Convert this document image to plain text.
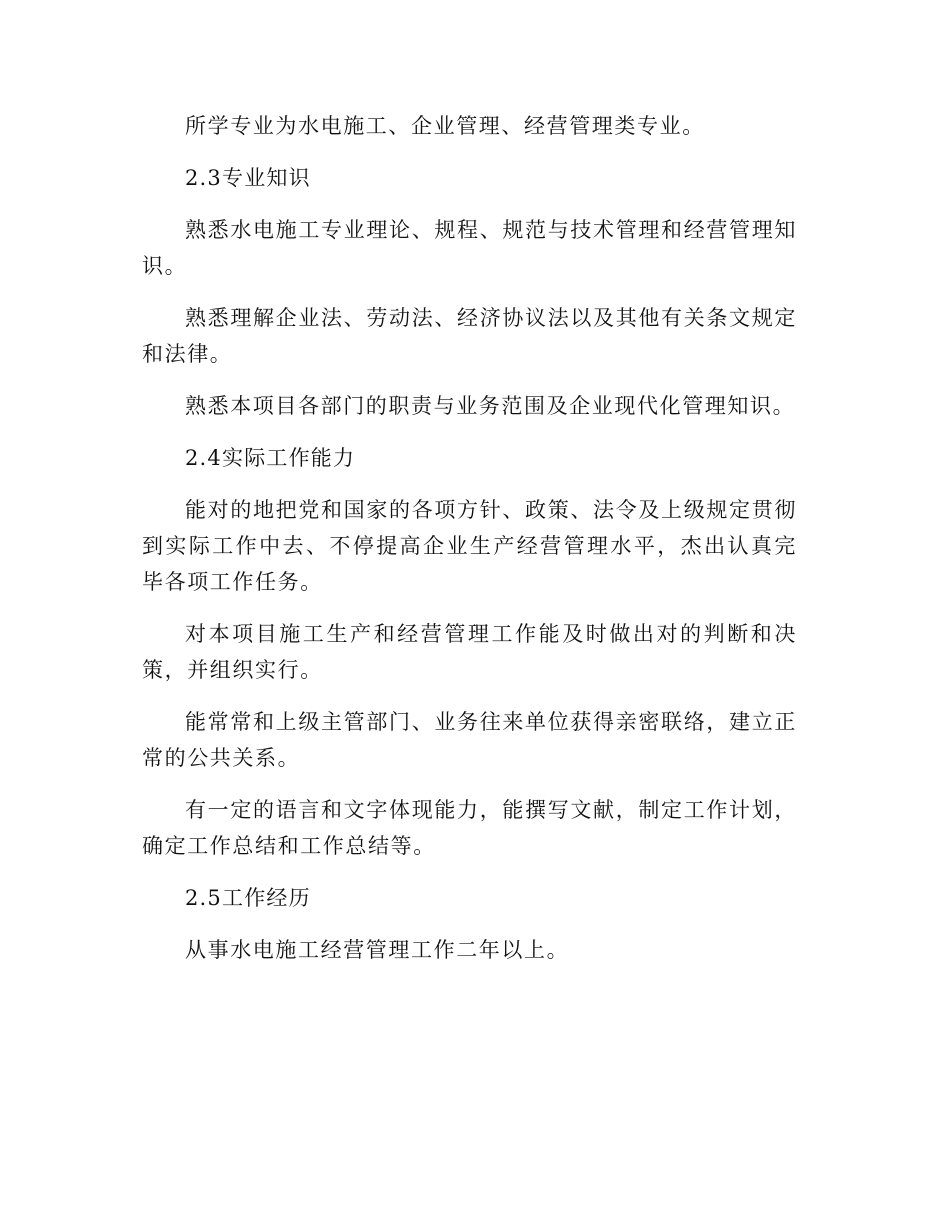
所学专业为水电施工、企业管理、经营管理类专业。

2.3专业知识

熟悉水电施工专业理论、规程、规范与技术管理和经营管理知识。

熟悉理解企业法、劳动法、经济协议法以及其他有关条文规定和法律。

熟悉本项目各部门的职责与业务范围及企业现代化管理知识。

2.4实际工作能力

能对的地把党和国家的各项方针、政策、法令及上级规定贯彻到实际工作中去、不停提高企业生产经营管理水平，杰出认真完毕各项工作任务。

对本项目施工生产和经营管理工作能及时做出对的判断和决策，并组织实行。

能常常和上级主管部门、业务往来单位获得亲密联络，建立正常的公共关系。

有一定的语言和文字体现能力，能撰写文献，制定工作计划，确定工作总结和工作总结等。

2.5工作经历

从事水电施工经营管理工作二年以上。
